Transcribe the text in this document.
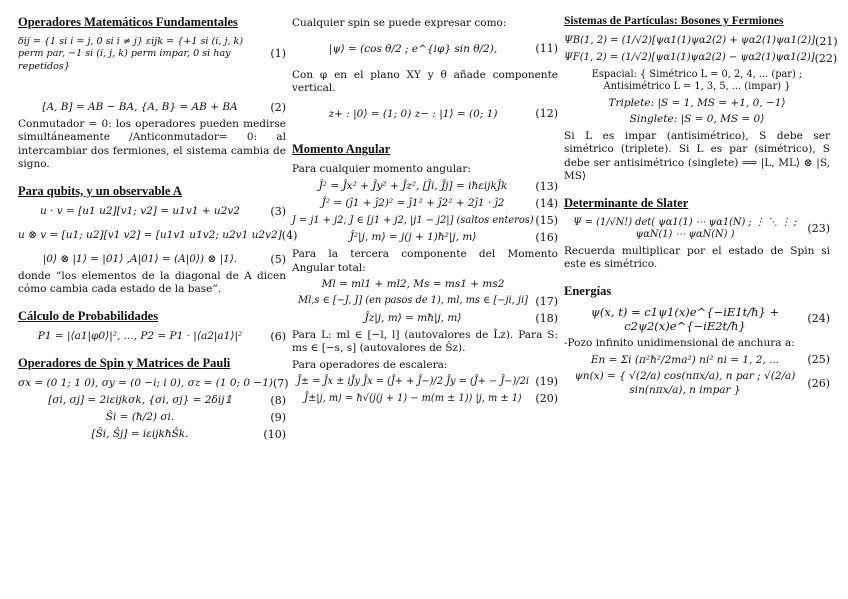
Operadores Matemáticos Fundamentales
δij = {1 si i = j, 0 si i ≠ j} εijk = {+1 si (i, j, k) perm par, −1 si (i, j, k) perm impar, 0 si hay repetidos}
(1)
[A, B] = AB − BA, {A, B} = AB + BA	(2)
Conmutador = 0: los operadores pueden medirse simultáneamente /Anticonmutador= 0: al intercambiar dos fermiones, el sistema cambia de signo.
Para qubits, y un observable A
u · v = [u1 u2][v1; v2] = u1v1 + u2v2	(3)
u ⊗ v = [u1; u2][v1 v2] = [u1v1 u1v2; u2v1 u2v2] (4)
|0⟩ ⊗ |1⟩ = |01⟩ ,A|01⟩ = (A|0⟩) ⊗ |1⟩.	(5)
donde “los elementos de la diagonal de A dicen cómo cambia cada estado de la base”.
Cálculo de Probabilidades
P1 = |⟨a1|φ0⟩|², ..., P2 = P1 · |⟨a2|a1⟩|²	(6)
Operadores de Spin y Matrices de Pauli
σx = (0 1; 1 0), σy = (0 −i; i 0), σz = (1 0; 0 −1) (7)
[σi, σj] = 2iεijkσk, {σi, σj} = 2δij𝟙	(8)
Ŝi = (ħ/2) σi.	(9)
[Ŝi, Ŝj] = iεijkħŜk.	(10)
Cualquier spin se puede expresar como:
|ψ⟩ = (cos θ/2 ; e^{iφ} sin θ/2),	(11)
Con φ en el plano XY y θ añade componente vertical.
z+ : |0⟩ = (1; 0) z− : |1⟩ = (0; 1)	(12)
Momento Angular
Para cualquier momento angular:
Ĵ² = Ĵx² + Ĵy² + Ĵz², [Ĵi, Ĵj] = iħεijkĴk	(13)
Ĵ² = (ĵ1 + ĵ2)² = ĵ1² + ĵ2² + 2ĵ1 · ĵ2	(14)
J = j1 + j2, J ∈ [j1 + j2, |j1 − j2|] (saltos enteros) (15)
Ĵ²|j, m⟩ = j(j + 1)ħ²|j, m⟩	(16)
Para la tercera componente del Momento Angular total:
Ml = ml1 + ml2, Ms = ms1 + ms2
Ml,s ∈ [−J, J] (en pasos de 1), ml, ms ∈ [−ji, ji] (17)
Ĵz|j, m⟩ = mħ|j, m⟩	(18)
Para L: ml ∈ [−l, l] (autovalores de L̂z). Para S: ms ∈ [−s, s] (autovalores de Ŝz).
Para operadores de escalera:
Ĵ± = Ĵx ± iĴy Ĵx = (Ĵ+ + Ĵ−)/2 Ĵy = (Ĵ+ − Ĵ−)/2i (19)
Ĵ±|j, m⟩ = ħ√(j(j + 1) − m(m ± 1)) |j, m ± 1⟩	(20)
Sistemas de Partículas: Bosones y Fermiones
ΨB(1, 2) = (1/√2)[ψα1(1)ψα2(2) + ψα2(1)ψα1(2)] (21)
ΨF(1, 2) = (1/√2)[ψα1(1)ψα2(2) − ψα2(1)ψα1(2)] (22)
Espacial: { Simétrico L = 0, 2, 4, ... (par) ; Antisimétrico L = 1, 3, 5, ... (impar) }
Triplete: |S = 1, MS = +1, 0, −1⟩
Singlete: |S = 0, MS = 0⟩
Si L es impar (antisimétrico), S debe ser simétrico (triplete). Si L es par (simétrico), S debe ser antisimétrico (singlete) ⟹ |L, ML⟩ ⊗ |S, MS⟩
Determinante de Slater
Ψ = (1/√N!) det( ψα1(1) ⋯ ψα1(N) ; ⋮ ⋱ ⋮ ; ψαN(1) ⋯ ψαN(N) )	(23)
Recuerda multiplicar por el estado de Spin si este es simétrico.
Energías
ψ(x, t) = c1ψ1(x)e^{−iE1t/ħ} + c2ψ2(x)e^{−iE2t/ħ}
(24)
-Pozo infinito unidimensional de anchura a:
En = Σi (π²ħ²/2ma²) ni² ni = 1, 2, ...	(25)
ψn(x) = { √(2/a) cos(nπx/a), n par ; √(2/a) sin(nπx/a), n impar }
(26)
